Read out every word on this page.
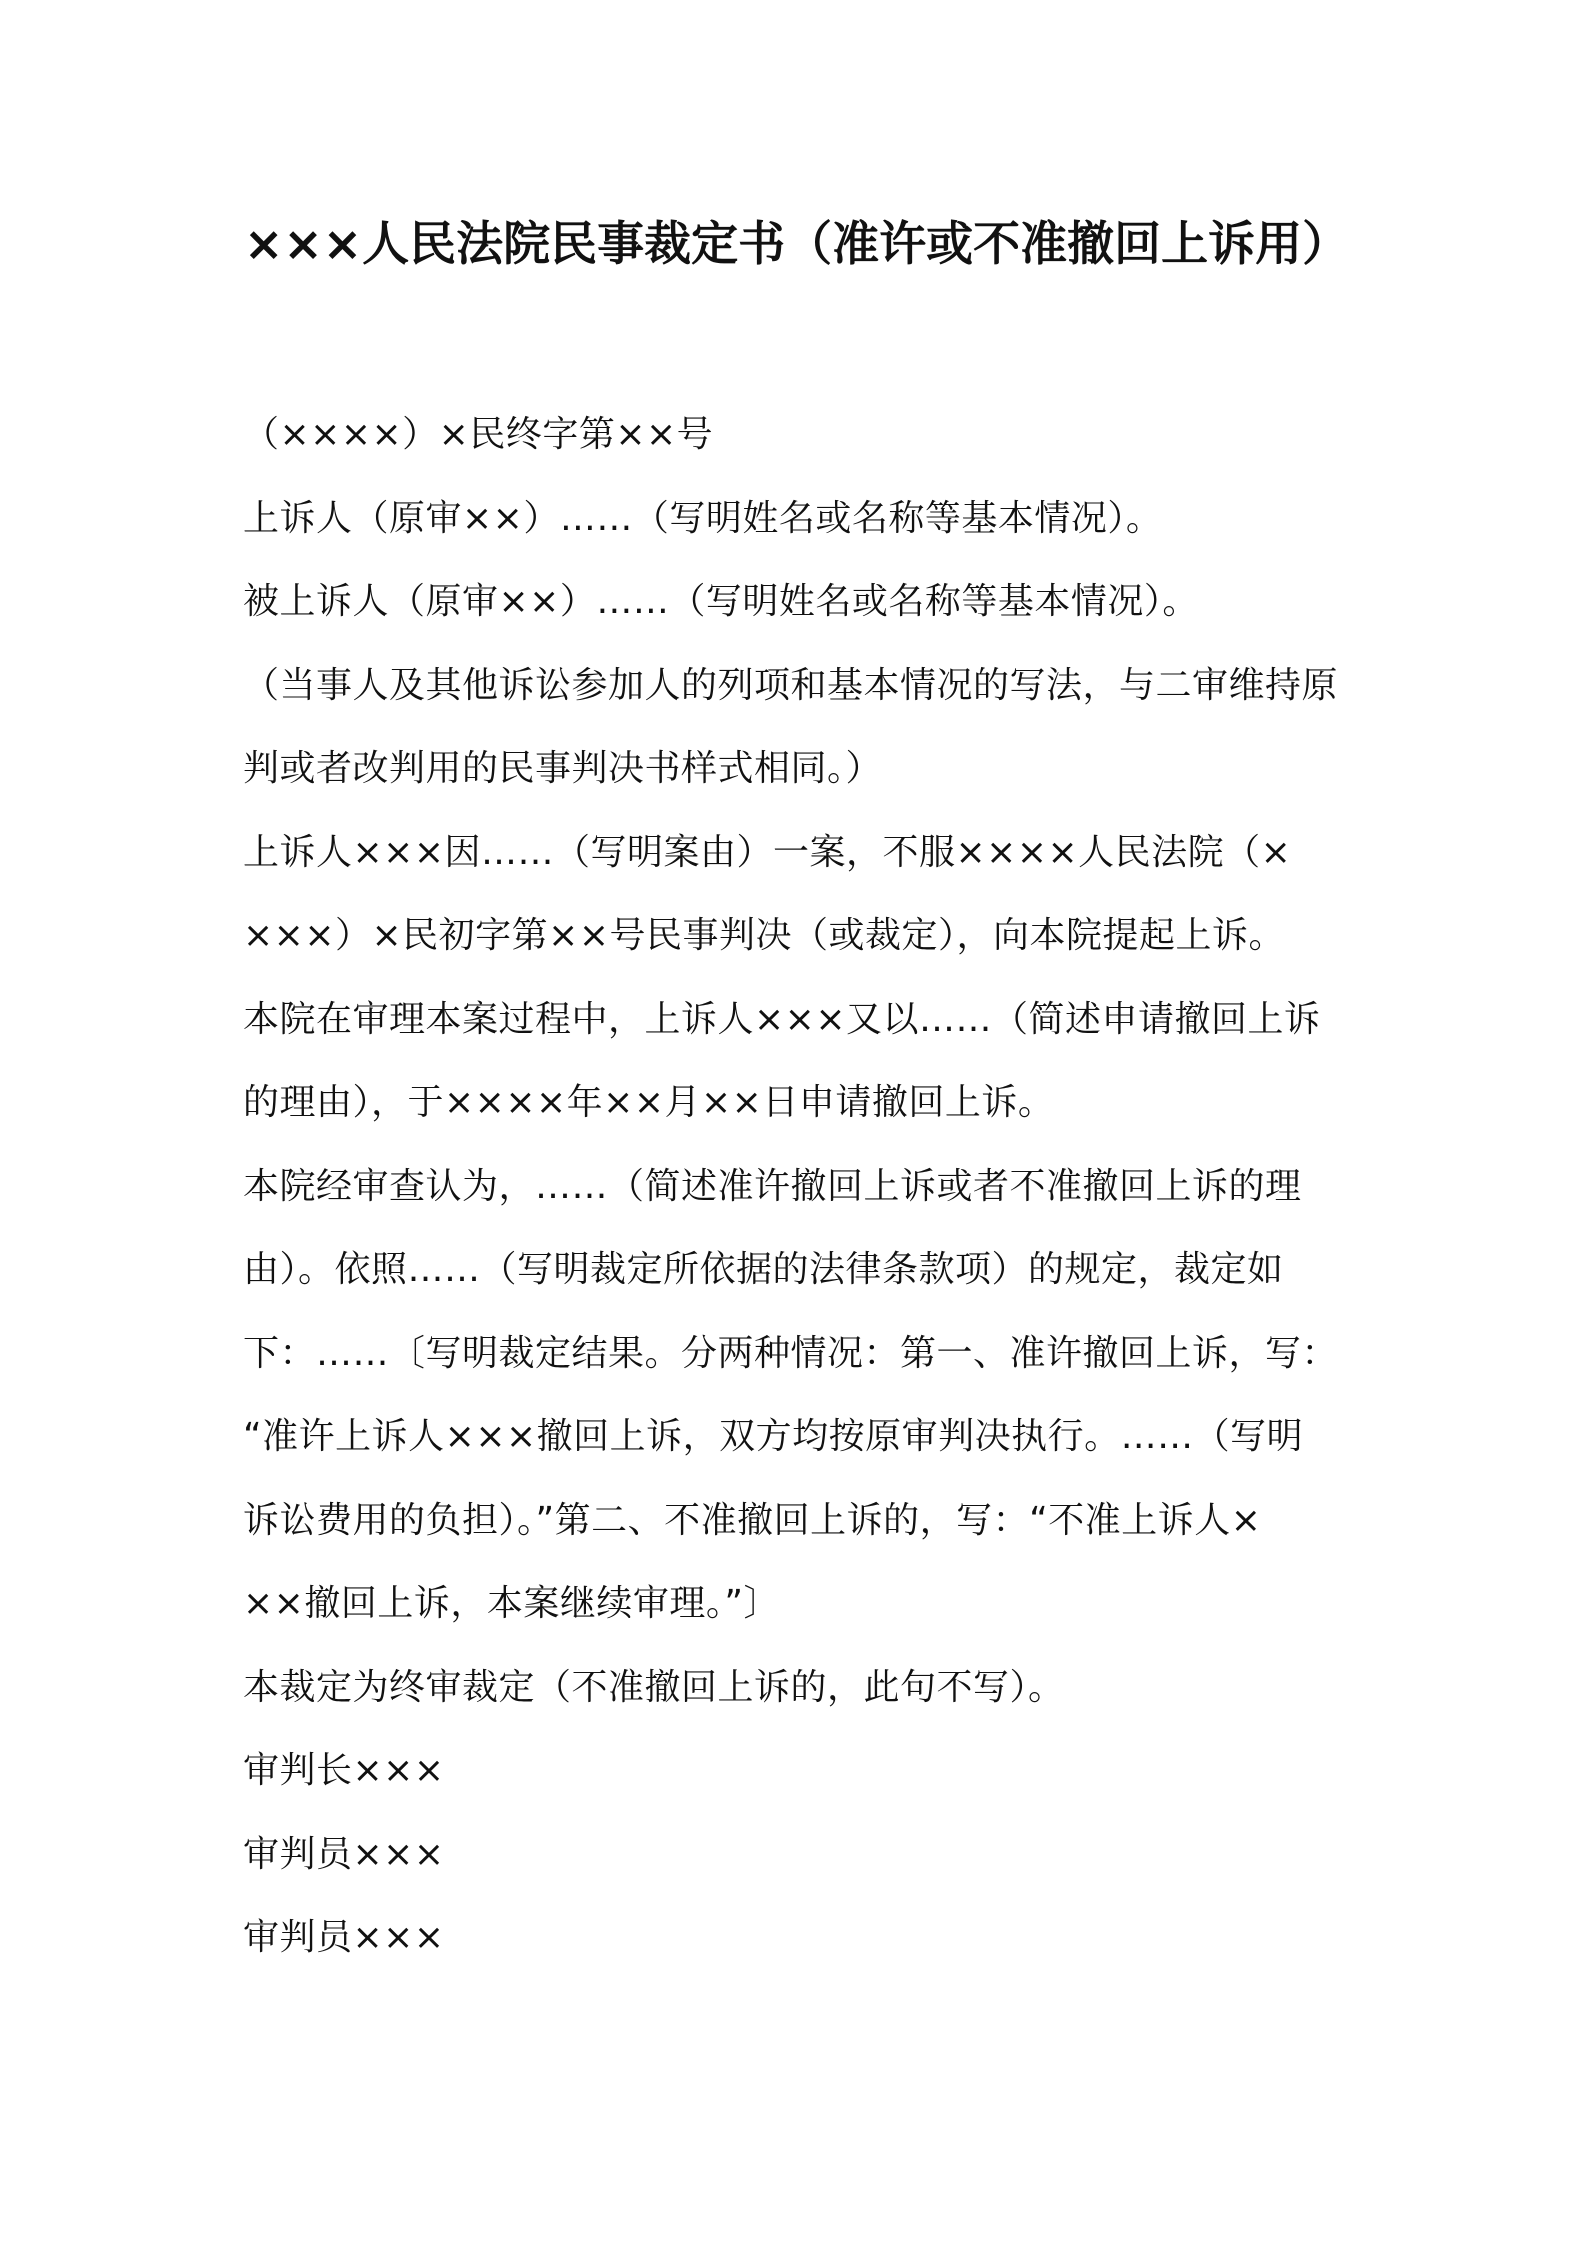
×××人民法院民事裁定书（准许或不准撤回上诉用）

（××××）×民终字第××号

上诉人（原审××）……（写明姓名或名称等基本情况）。

被上诉人（原审××）……（写明姓名或名称等基本情况）。

（当事人及其他诉讼参加人的列项和基本情况的写法，与二审维持原

判或者改判用的民事判决书样式相同。）

上诉人×××因……（写明案由）一案，不服××××人民法院（×

×××）×民初字第××号民事判决（或裁定），向本院提起上诉。

本院在审理本案过程中，上诉人×××又以……（简述申请撤回上诉

的理由），于××××年××月××日申请撤回上诉。

本院经审查认为，……（简述准许撤回上诉或者不准撤回上诉的理

由）。依照……（写明裁定所依据的法律条款项）的规定，裁定如

下：……〔写明裁定结果。分两种情况：第一、准许撤回上诉，写：

“准许上诉人×××撤回上诉，双方均按原审判决执行。……（写明

诉讼费用的负担）。”第二、不准撤回上诉的，写：“不准上诉人×

××撤回上诉，本案继续审理。”〕

本裁定为终审裁定（不准撤回上诉的，此句不写）。

审判长×××

审判员×××

审判员×××
